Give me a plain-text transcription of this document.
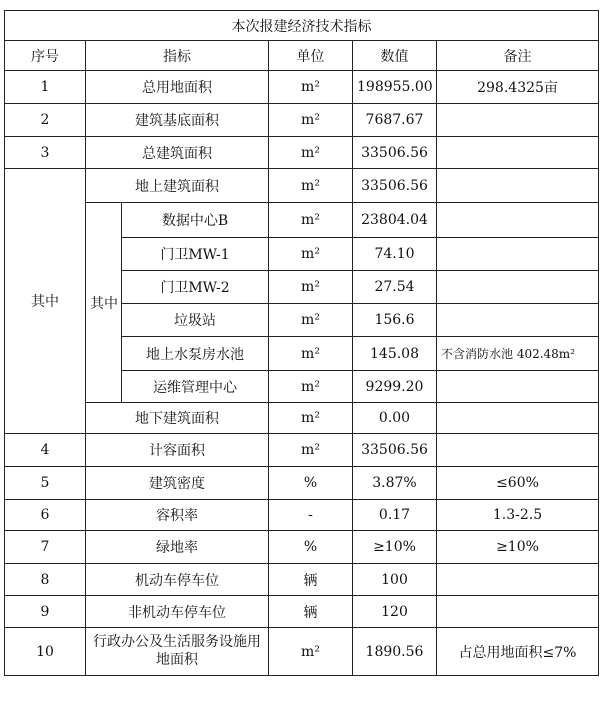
本次报建经济技术指标					
序号	指标		单位	数值	备注
1	总用地面积		m²	198955.00	298.4325亩
2	建筑基底面积		m²	7687.67	
3	总建筑面积		m²	33506.56	
其中	地上建筑面积		m²	33506.56	
	其中	数据中心B	m²	23804.04	
		门卫MW-1	m²	74.10	
		门卫MW-2	m²	27.54	
		垃圾站	m²	156.6	
		地上水泵房水池	m²	145.08	不含消防水池 402.48m²
		运维管理中心	m²	9299.20	
	地下建筑面积		m²	0.00	
4	计容面积		m²	33506.56	
5	建筑密度		%	3.87%	≤60%
6	容积率		-	0.17	1.3-2.5
7	绿地率		%	≥10%	≥10%
8	机动车停车位		辆	100	
9	非机动车停车位		辆	120	
10	行政办公及生活服务设施用地面积		m²	1890.56	占总用地面积≤7%
